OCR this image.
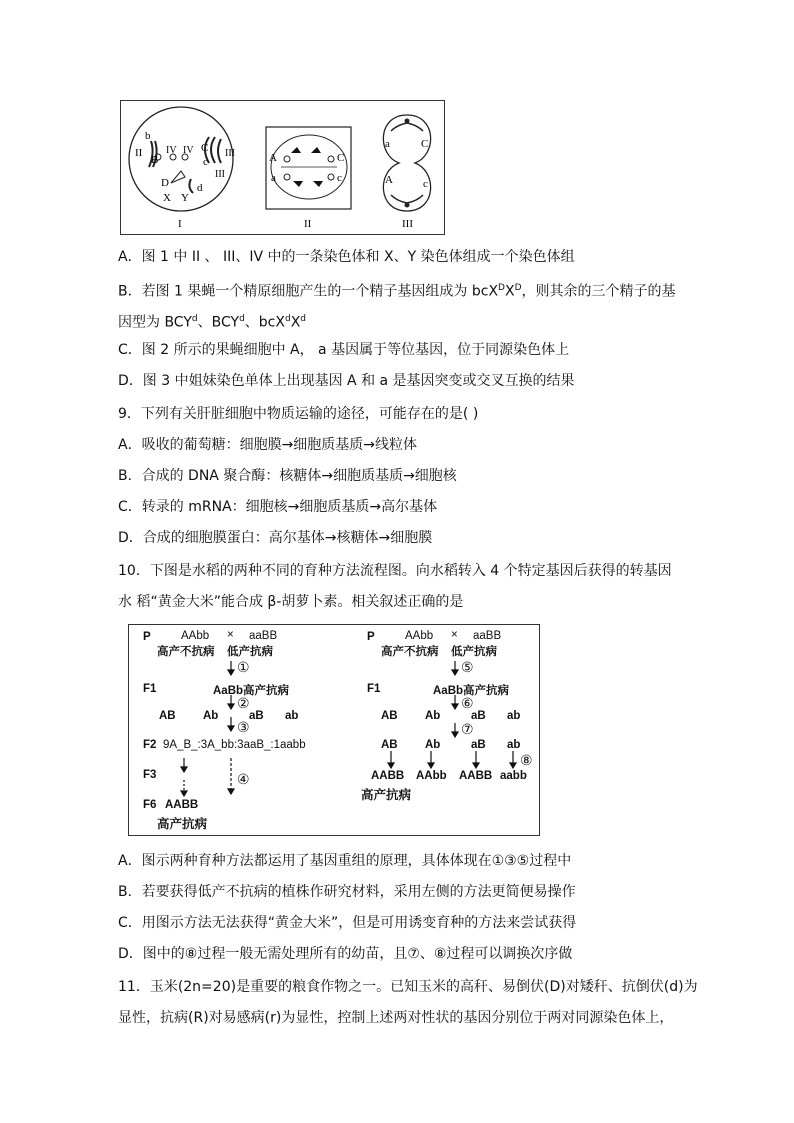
b
II
B
IV IV C III
III
c
D
X
d
Y
I
A
a
C
c
II
a	C
A	c
III
A．图 1 中 II 、 III、IV 中的一条染色体和 X、Y 染色体组成一个染色体组
B．若图 1 果蝇一个精原细胞产生的一个精子基因组成为 $bcX^DX^D$，则其余的三个精子的基
因型为 BCY$^d$、BCY$^d$、$bcX^dX^d$
C．图 2 所示的果蝇细胞中 A， a 基因属于等位基因，位于同源染色体上
D．图 3 中姐妹染色单体上出现基因 A 和 a 是基因突变或交叉互换的结果
9．下列有关肝脏细胞中物质运输的途径，可能存在的是( )
A．吸收的葡萄糖：细胞膜→细胞质基质→线粒体
B．合成的 DNA 聚合酶：核糖体→细胞质基质→细胞核
C．转录的 mRNA：细胞核→细胞质基质→高尔基体
D．合成的细胞膜蛋白：高尔基体→核糖体→细胞膜
10．下图是水稻的两种不同的育种方法流程图。向水稻转入 4 个特定基因后获得的转基因
水 稻“黄金大米”能合成 β-胡萝卜素。相关叙述正确的是
P	AAbb × aaBB
高产不抗病 低产抗病
①
F1	AaBb高产抗病
②
AB Ab	aB ab
③
F2 9A_B_:3A_bb:3aaB_:1aabb
F3	④
F6 AABB
高产抗病
P	AAbb × aaBB
高产不抗病 低产抗病
⑤
F1	AaBb高产抗病
⑥
AB Ab	aB ab
⑦
AB Ab	aB ab
AABB AAbb AABB aabb
⑧
高产抗病
A．图示两种育种方法都运用了基因重组的原理，具体体现在①③⑤过程中
B．若要获得低产不抗病的植株作研究材料，采用左侧的方法更简便易操作
C．用图示方法无法获得“黄金大米”，但是可用诱变育种的方法来尝试获得
D．图中的⑧过程一般无需处理所有的幼苗，且⑦、⑧过程可以调换次序做
11．玉米(2n=20)是重要的粮食作物之一。已知玉米的高秆、易倒伏(D)对矮秆、抗倒伏(d)为
显性，抗病(R)对易感病(r)为显性，控制上述两对性状的基因分别位于两对同源染色体上，
